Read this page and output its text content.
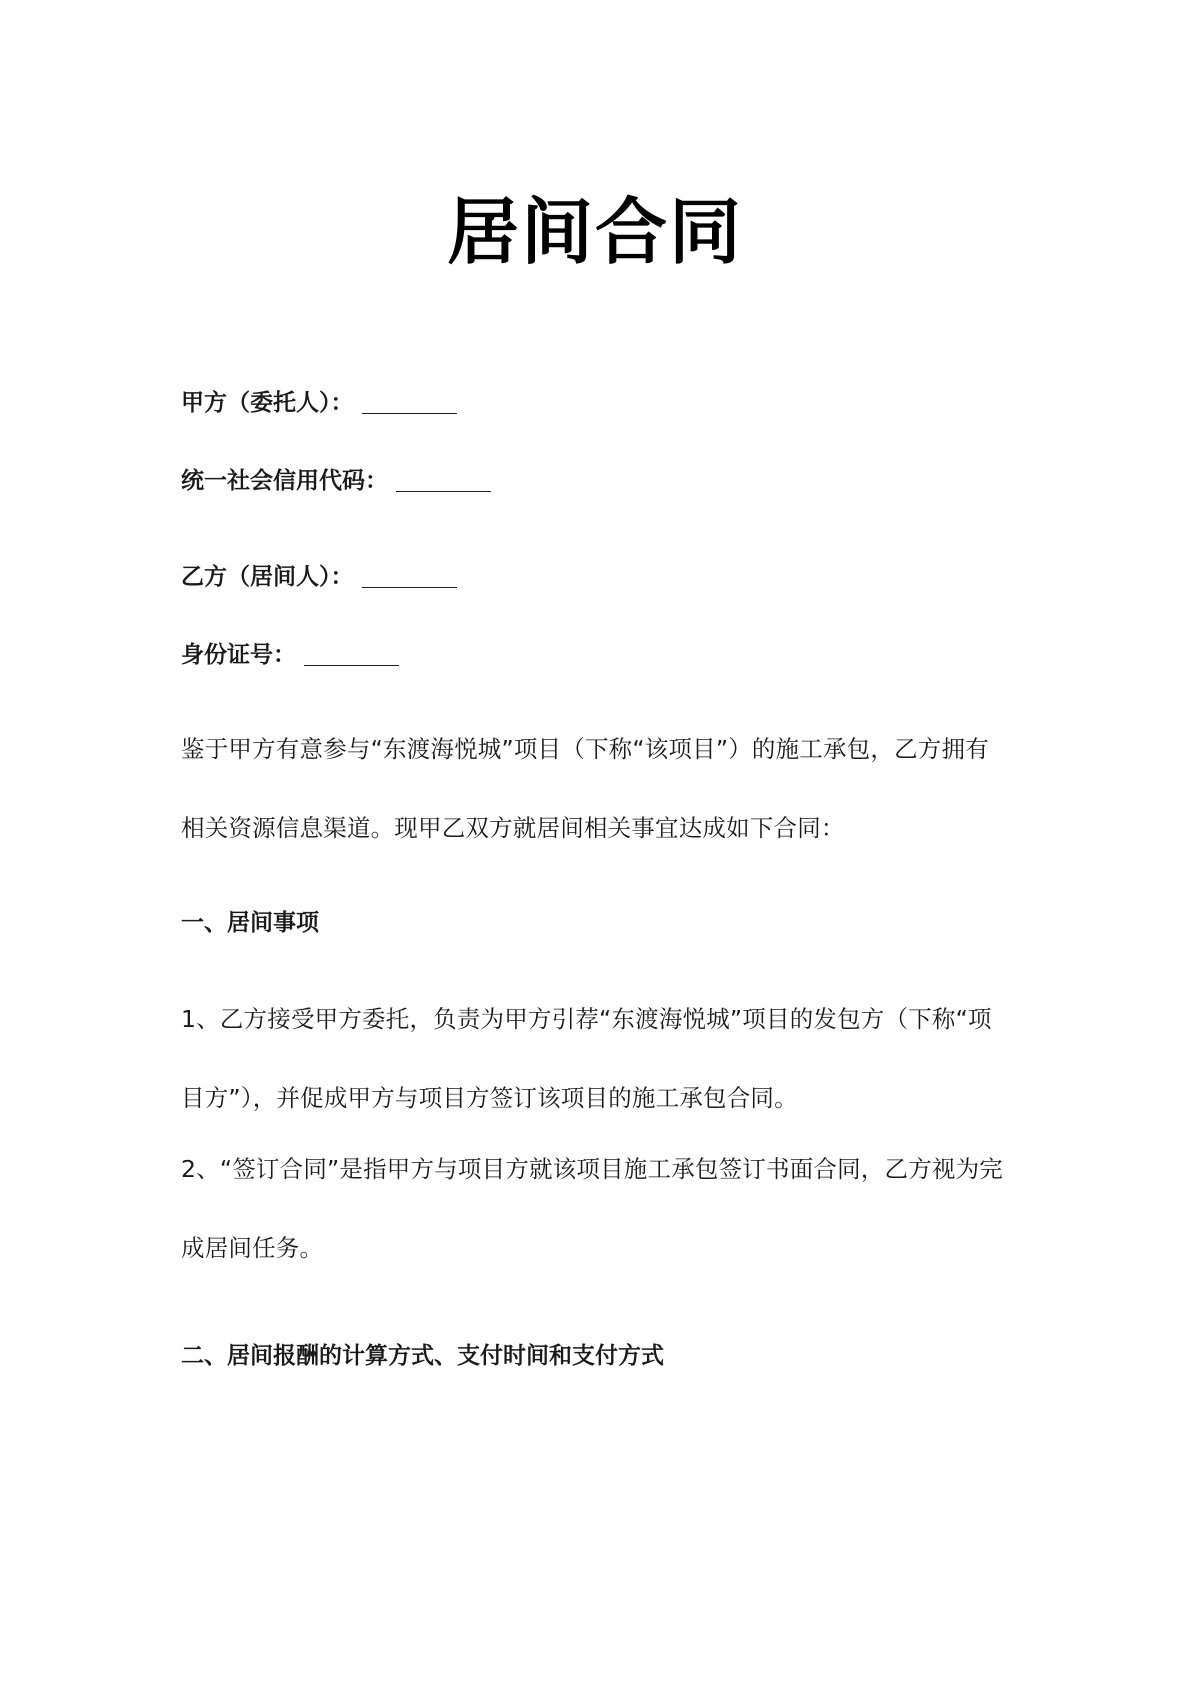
居间合同
甲方（委托人）：
统一社会信用代码：
乙方（居间人）：
身份证号：
鉴于甲方有意参与“东渡海悦城”项目（下称“该项目”）的施工承包，乙方拥有相关资源信息渠道。现甲乙双方就居间相关事宜达成如下合同：
一、居间事项
1、乙方接受甲方委托，负责为甲方引荐“东渡海悦城”项目的发包方（下称“项目方”），并促成甲方与项目方签订该项目的施工承包合同。
2、“签订合同”是指甲方与项目方就该项目施工承包签订书面合同，乙方视为完成居间任务。
二、居间报酬的计算方式、支付时间和支付方式
